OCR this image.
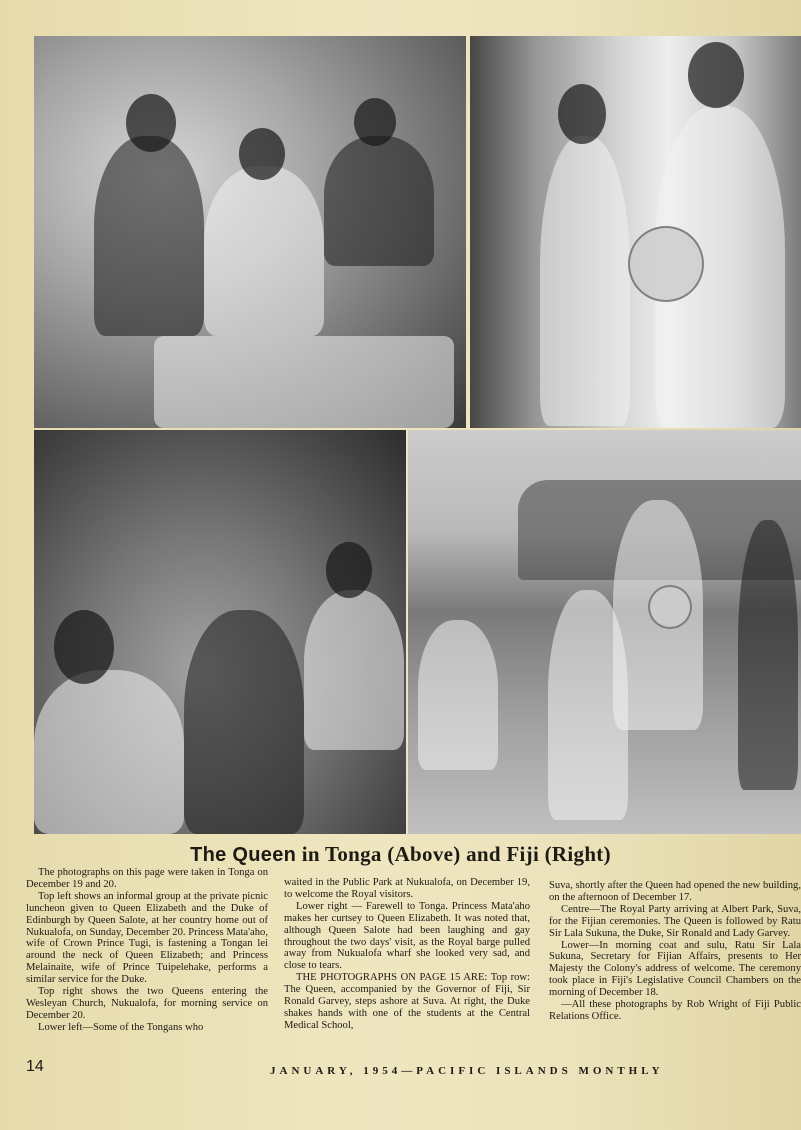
The Queen in Tonga (Above) and Fiji (Right)

The photographs on this page were taken in Tonga on December 19 and 20.

Top left shows an informal group at the private picnic luncheon given to Queen Elizabeth and the Duke of Edinburgh by Queen Salote, at her country home out of Nukualofa, on Sunday, December 20. Princess Mata'aho, wife of Crown Prince Tugi, is fastening a Tongan lei around the neck of Queen Elizabeth; and Princess Melainaite, wife of Prince Tuipelehake, performs a similar service for the Duke.

Top right shows the two Queens entering the Wesleyan Church, Nukualofa, for morning service on December 20.

Lower left—Some of the Tongans who

waited in the Public Park at Nukualofa, on December 19, to welcome the Royal visitors.

Lower right — Farewell to Tonga. Princess Mata'aho makes her curtsey to Queen Elizabeth. It was noted that, although Queen Salote had been laughing and gay throughout the two days' visit, as the Royal barge pulled away from Nukualofa wharf she looked very sad, and close to tears.

THE PHOTOGRAPHS ON PAGE 15 ARE: Top row: The Queen, accompanied by the Governor of Fiji, Sir Ronald Garvey, steps ashore at Suva. At right, the Duke shakes hands with one of the students at the Central Medical School,

Suva, shortly after the Queen had opened the new building, on the afternoon of December 17.

Centre—The Royal Party arriving at Albert Park, Suva, for the Fijian ceremonies. The Queen is followed by Ratu Sir Lala Sukuna, the Duke, Sir Ronald and Lady Garvey.

Lower—In morning coat and sulu, Ratu Sir Lala Sukuna, Secretary for Fijian Affairs, presents to Her Majesty the Colony's address of welcome. The ceremony took place in Fiji's Legislative Council Chambers on the morning of December 18.

—All these photographs by Rob Wright of Fiji Public Relations Office.

14	JANUARY, 1954—PACIFIC ISLANDS MONTHLY
